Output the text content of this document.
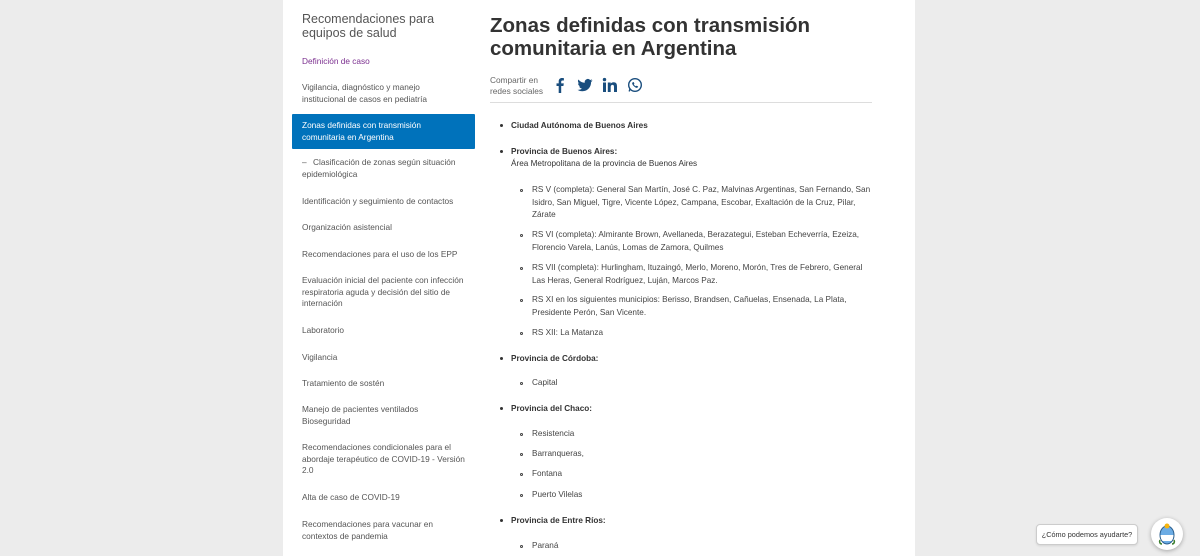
Recomendaciones para equipos de salud
Definición de caso
Vigilancia, diagnóstico y manejo institucional de casos en pediatría
Zonas definidas con transmisión comunitaria en Argentina
– Clasificación de zonas según situación epidemiológica
Identificación y seguimiento de contactos
Organización asistencial
Recomendaciones para el uso de los EPP
Evaluación inicial del paciente con infección respiratoria aguda y decisión del sitio de internación
Laboratorio
Vigilancia
Tratamiento de sostén
Manejo de pacientes ventilados Bioseguridad
Recomendaciones condicionales para el abordaje terapéutico de COVID-19 - Versión 2.0
Alta de caso de COVID-19
Recomendaciones para vacunar en contextos de pandemia
Zonas definidas con transmisión comunitaria en Argentina
Compartir en redes sociales
Ciudad Autónoma de Buenos Aires
Provincia de Buenos Aires:
Área Metropolitana de la provincia de Buenos Aires
RS V (completa): General San Martín, José C. Paz, Malvinas Argentinas, San Fernando, San Isidro, San Miguel, Tigre, Vicente López, Campana, Escobar, Exaltación de la Cruz, Pilar, Zárate
RS VI (completa): Almirante Brown, Avellaneda, Berazategui, Esteban Echeverría, Ezeiza, Florencio Varela, Lanús, Lomas de Zamora, Quilmes
RS VII (completa): Hurlingham, Ituzaingó, Merlo, Moreno, Morón, Tres de Febrero, General Las Heras, General Rodríguez, Luján, Marcos Paz.
RS XI en los siguientes municipios: Berisso, Brandsen, Cañuelas, Ensenada, La Plata, Presidente Perón, San Vicente.
RS XII: La Matanza
Provincia de Córdoba:
Capital
Provincia del Chaco:
Resistencia
Barranqueras,
Fontana
Puerto Vilelas
Provincia de Entre Ríos:
Paraná
¿Cómo podemos ayudarte?
